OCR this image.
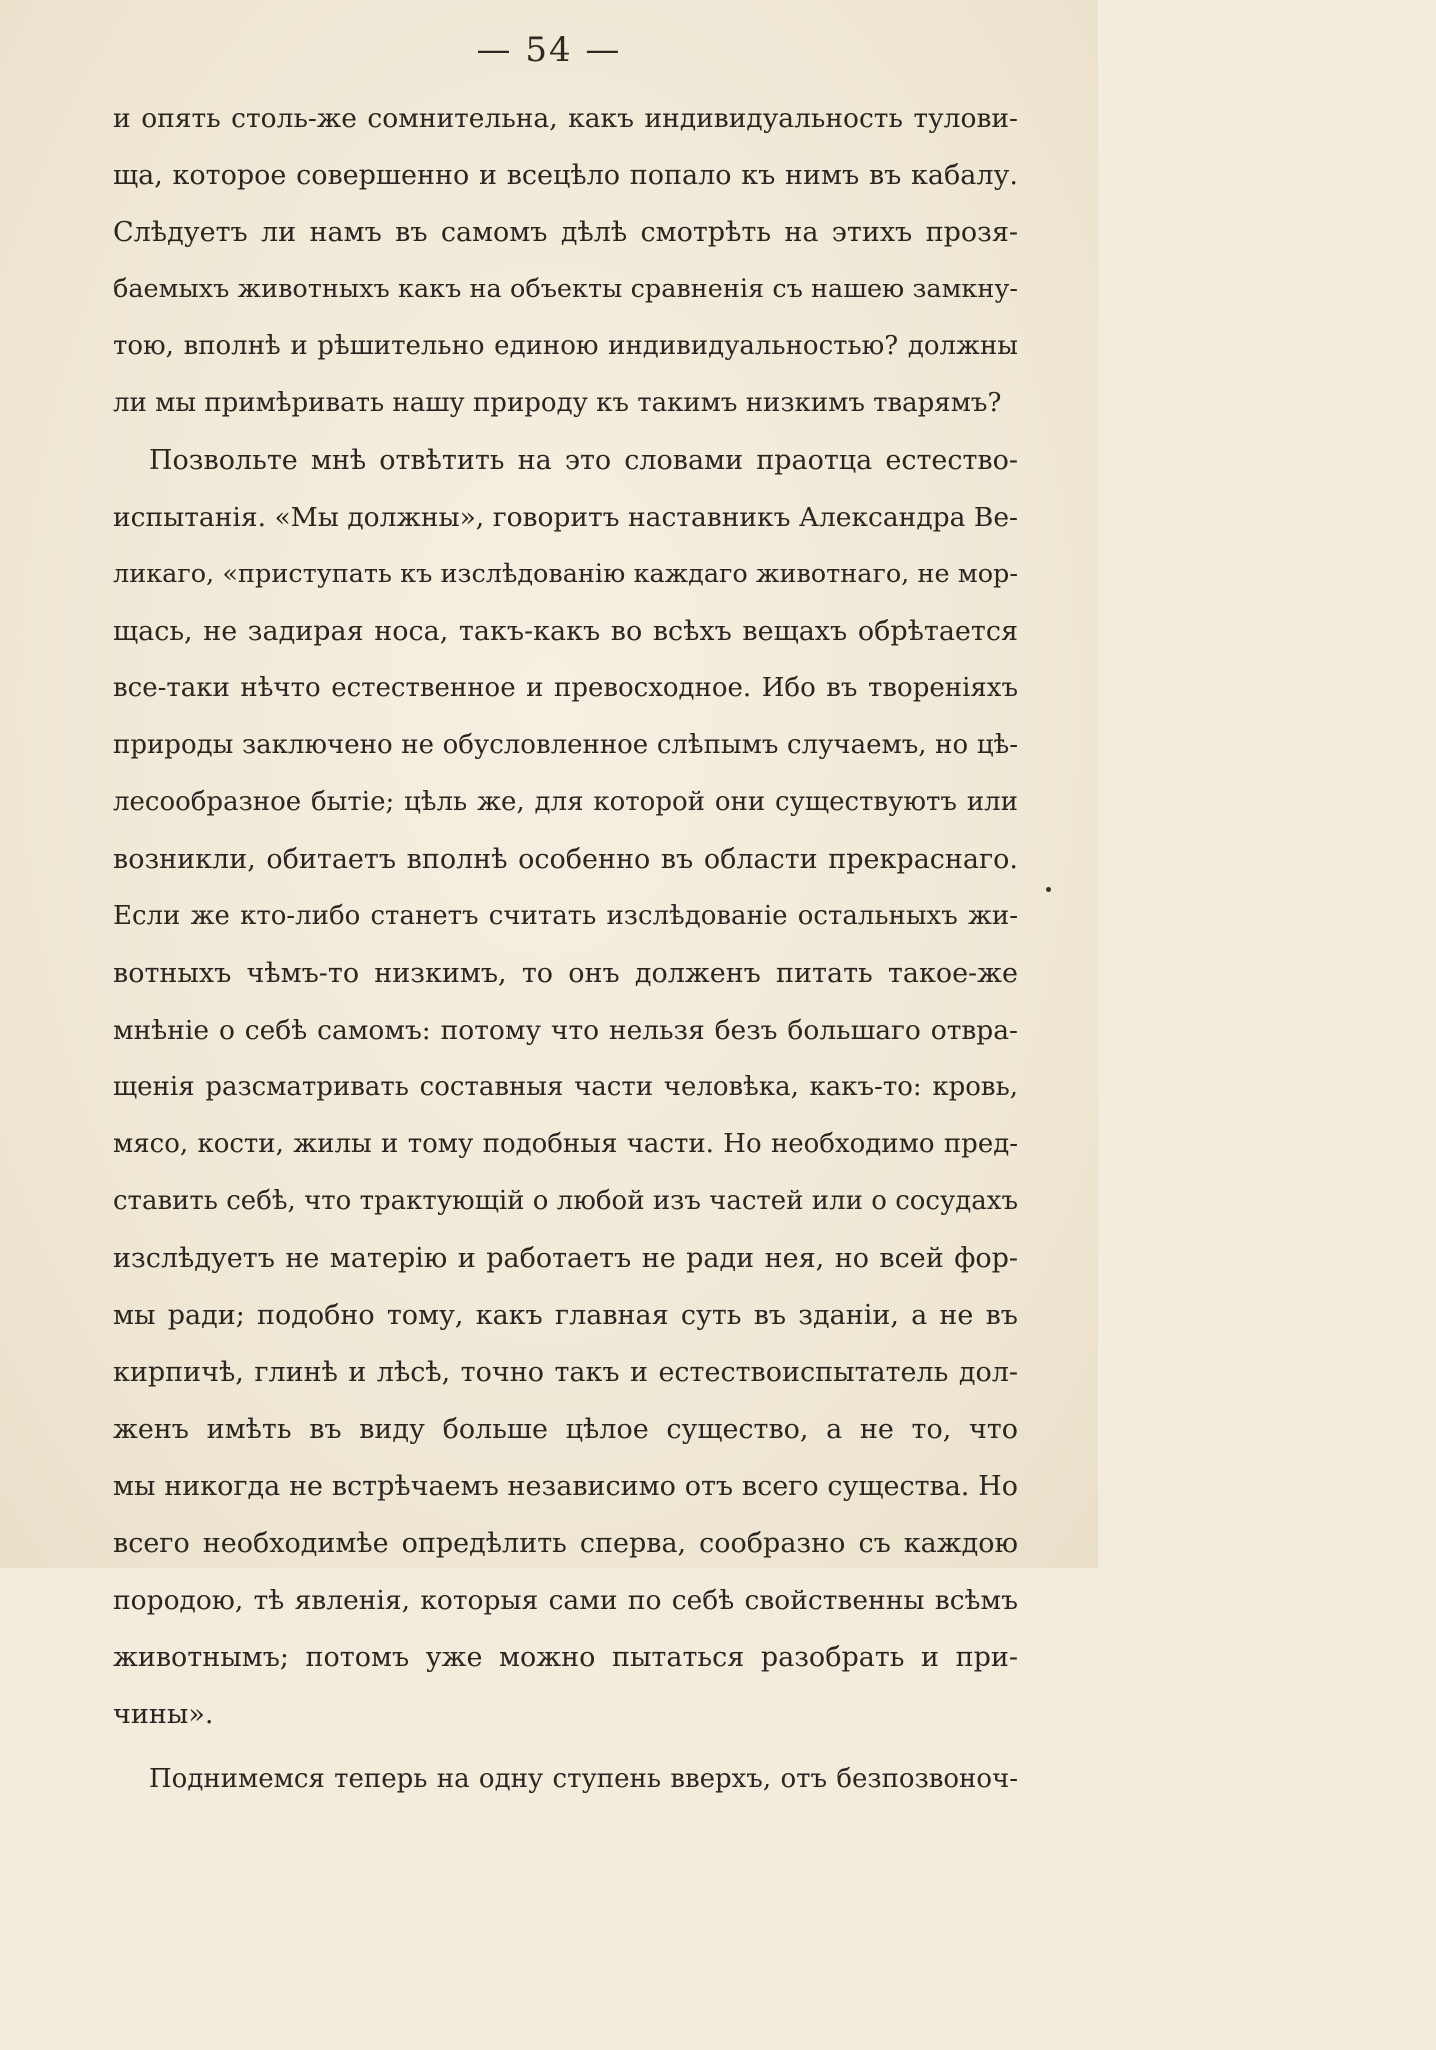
— 54 —
и опять столь-же сомнительна, какъ индивидуальность тулови-
ща, которое совершенно и всецѣло попало къ нимъ въ кабалу.
Слѣдуетъ ли намъ въ самомъ дѣлѣ смотрѣть на этихъ прозя-
баемыхъ животныхъ какъ на объекты сравненія съ нашею замкну-
тою, вполнѣ и рѣшительно единою индивидуальностью? должны
ли мы примѣривать нашу природу къ такимъ низкимъ тварямъ?
Позвольте мнѣ отвѣтить на это словами праотца естество-
испытанія. «Мы должны», говоритъ наставникъ Александра Ве-
ликаго, «приступать къ изслѣдованію каждаго животнаго, не мор-
щась, не задирая носа, такъ-какъ во всѣхъ вещахъ обрѣтается
все-таки нѣчто естественное и превосходное. Ибо въ твореніяхъ
природы заключено не обусловленное слѣпымъ случаемъ, но цѣ-
лесообразное бытіе; цѣль же, для которой они существуютъ или
возникли, обитаетъ вполнѣ особенно въ области прекраснаго.
Если же кто-либо станетъ считать изслѣдованіе остальныхъ жи-
вотныхъ чѣмъ-то низкимъ, то онъ долженъ питать такое-же
мнѣніе о себѣ самомъ: потому что нельзя безъ большаго отвра-
щенія разсматривать составныя части человѣка, какъ-то: кровь,
мясо, кости, жилы и тому подобныя части. Но необходимо пред-
ставить себѣ, что трактующій о любой изъ частей или о сосудахъ
изслѣдуетъ не матерію и работаетъ не ради нея, но всей фор-
мы ради; подобно тому, какъ главная суть въ зданіи, а не въ
кирпичѣ, глинѣ и лѣсѣ, точно такъ и естествоиспытатель дол-
женъ имѣть въ виду больше цѣлое существо, а не то, что
мы никогда не встрѣчаемъ независимо отъ всего существа. Но
всего необходимѣе опредѣлить сперва, сообразно съ каждою
породою, тѣ явленія, которыя сами по себѣ свойственны всѣмъ
животнымъ; потомъ уже можно пытаться разобрать и при-
чины».
Поднимемся теперь на одну ступень вверхъ, отъ безпозвоноч-
